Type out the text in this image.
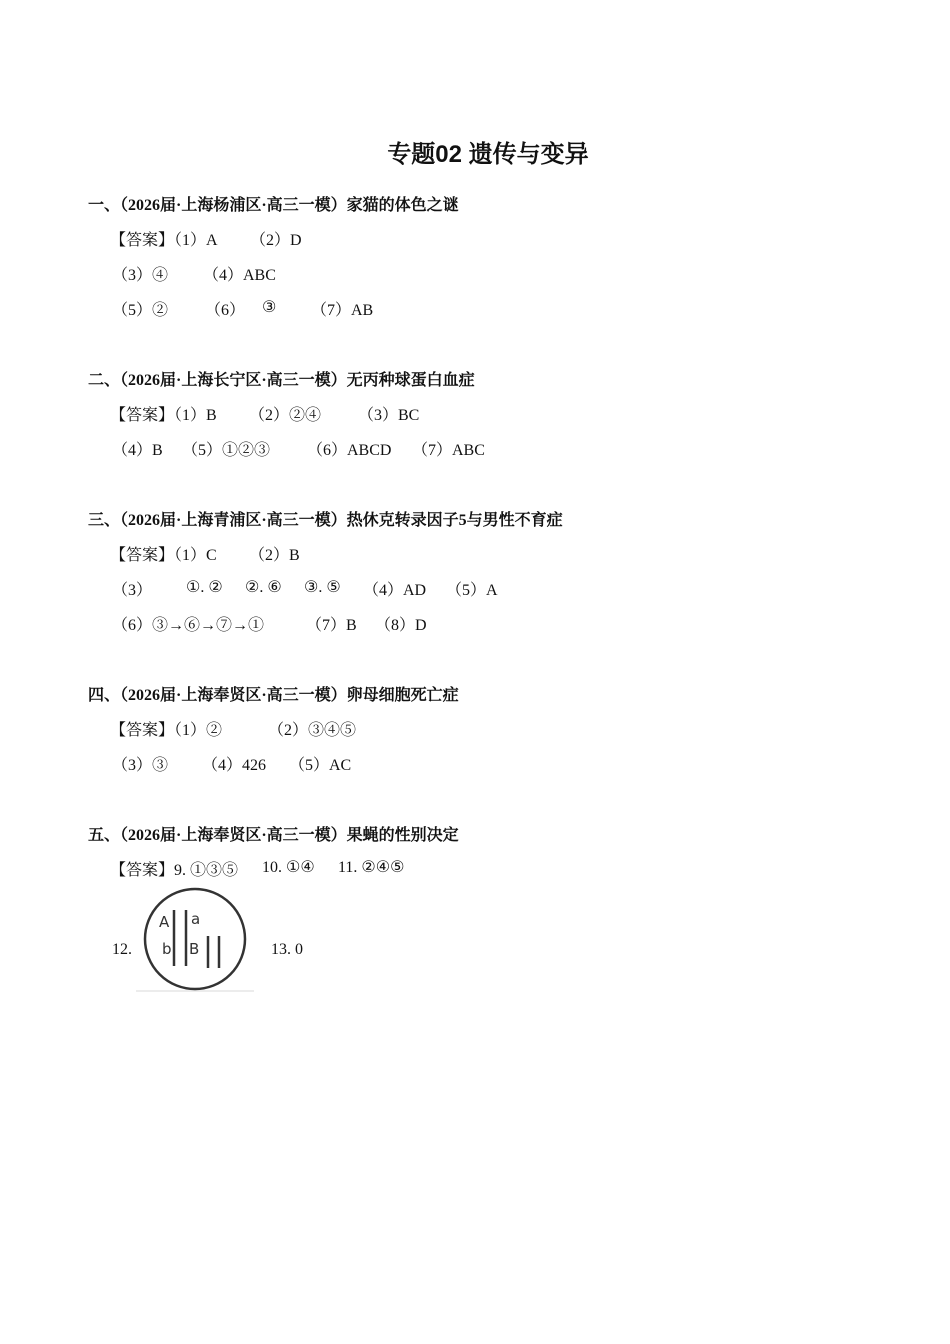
专题02 遗传与变异
一、（2026届·上海杨浦区·高三一模）家猫的体色之谜
【答案】（1）A （2）D
（3）④ （4）ABC
（5）② （6） ③ （7）AB
二、（2026届·上海长宁区·高三一模）无丙种球蛋白血症
【答案】（1）B （2）②④ （3）BC
（4）B （5）①②③ （6）ABCD （7）ABC
三、（2026届·上海青浦区·高三一模）热休克转录因子5与男性不育症
【答案】（1）C （2）B
（3） ①. ② ②. ⑥ ③. ⑤ （4）AD （5）A
（6）③→⑥→⑦→①	（7）B （8）D
四、（2026届·上海奉贤区·高三一模）卵母细胞死亡症
【答案】（1）②	（2）③④⑤
（3）③ （4）426 （5）AC
五、（2026届·上海奉贤区·高三一模）果蝇的性别决定
【答案】9. ①③⑤ 10. ①④ 11. ②④⑤
12.	13. 0
A
b
a
B
